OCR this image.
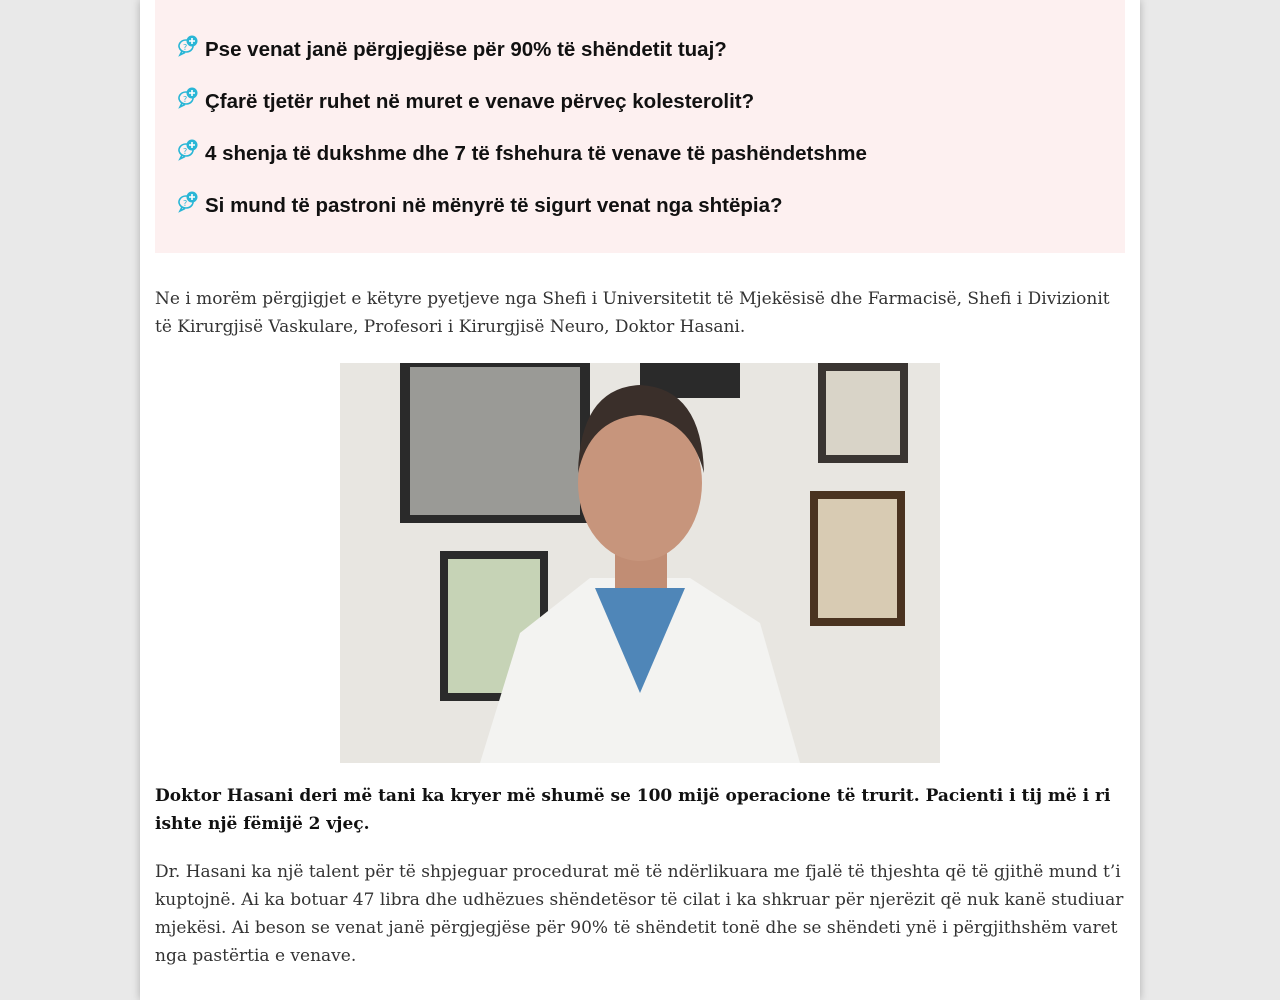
? Pse venat janë përgjegjëse për 90% të shëndetit tuaj?
? Çfarë tjetër ruhet në muret e venave përveç kolesterolit?
? 4 shenja të dukshme dhe 7 të fshehura të venave të pashëndetshme
? Si mund të pastroni në mënyrë të sigurt venat nga shtëpia?

Ne i morëm përgjigjet e këtyre pyetjeve nga Shefi i Universitetit të Mjekësisë dhe Farmacisë, Shefi i Divizionit të Kirurgjisë Vaskulare, Profesori i Kirurgjisë Neuro, Doktor Hasani.

Doktor Hasani deri më tani ka kryer më shumë se 100 mijë operacione të trurit. Pacienti i tij më i ri ishte një fëmijë 2 vjeç.

Dr. Hasani ka një talent për të shpjeguar procedurat më të ndërlikuara me fjalë të thjeshta që të gjithë mund t’i kuptojnë. Ai ka botuar 47 libra dhe udhëzues shëndetësor të cilat i ka shkruar për njerëzit që nuk kanë studiuar mjekësi. Ai beson se venat janë përgjegjëse për 90% të shëndetit tonë dhe se shëndeti ynë i përgjithshëm varet nga pastërtia e venave.
